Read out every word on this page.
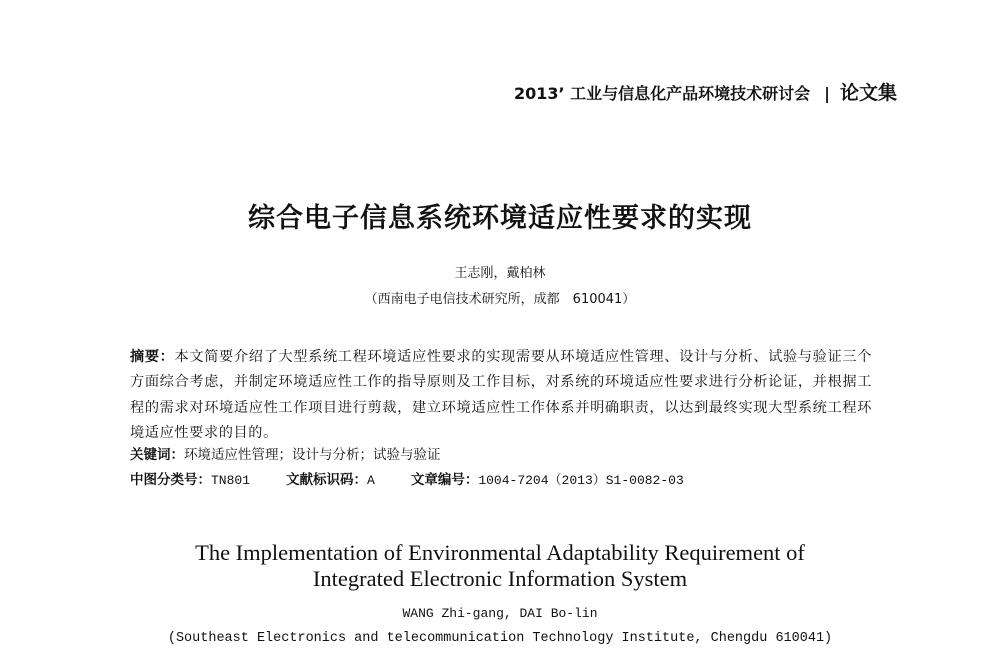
2013’ 工业与信息化产品环境技术研讨会 | 论文集
综合电子信息系统环境适应性要求的实现
王志刚，戴柏林
（西南电子电信技术研究所，成都　610041）
摘要：本文简要介绍了大型系统工程环境适应性要求的实现需要从环境适应性管理、设计与分析、试验与验证三个方面综合考虑，并制定环境适应性工作的指导原则及工作目标，对系统的环境适应性要求进行分析论证，并根据工程的需求对环境适应性工作项目进行剪裁，建立环境适应性工作体系并明确职责，以达到最终实现大型系统工程环境适应性要求的目的。
关键词：环境适应性管理；设计与分析；试验与验证
中图分类号：TN801	文献标识码：A	文章编号：1004-7204（2013）S1-0082-03
The Implementation of Environmental Adaptability Requirement of
Integrated Electronic Information System
WANG Zhi-gang, DAI Bo-lin
(Southeast Electronics and telecommunication Technology Institute, Chengdu 610041)
